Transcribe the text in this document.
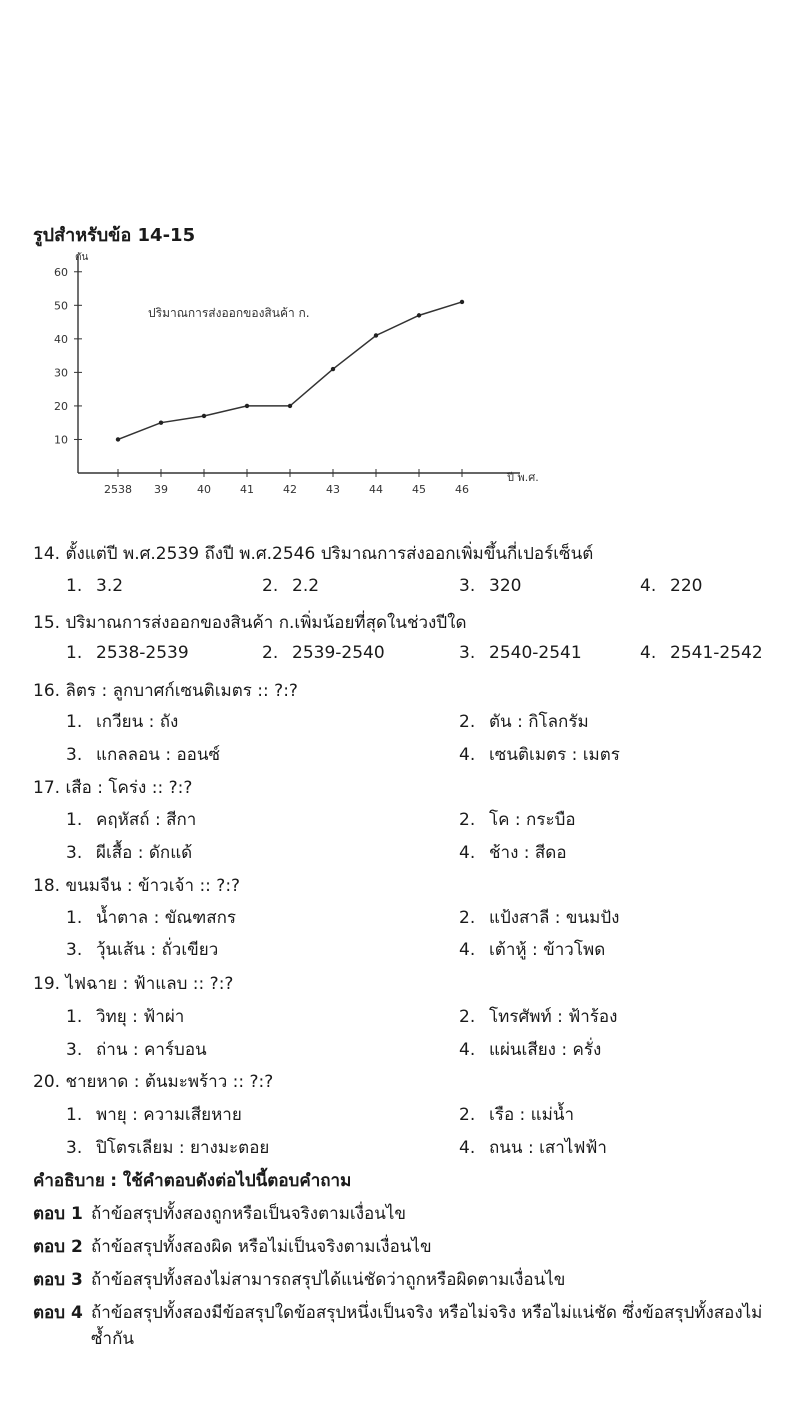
รูปสำหรับข้อ 14-15
10
20
30
40
50
60
ตัน
2538 39	40	41	42	43	44	45	46
ปี พ.ศ.
ปริมาณการส่งออกของสินค้า ก.
14. ตั้งแต่ปี พ.ศ.2539 ถึงปี พ.ศ.2546 ปริมาณการส่งออกเพิ่มขึ้นกี่เปอร์เซ็นต์
1. 3.2	2. 2.2	3. 320	4. 220
15. ปริมาณการส่งออกของสินค้า ก.เพิ่มน้อยที่สุดในช่วงปีใด
1. 2538-2539	2. 2539-2540	3. 2540-2541	4. 2541-2542
16. ลิตร : ลูกบาศก์เซนติเมตร :: ?:?
1. เกวียน : ถัง	2. ตัน : กิโลกรัม
3. แกลลอน : ออนซ์	4. เซนติเมตร : เมตร
17. เสือ : โคร่ง :: ?:?
1. คฤหัสถ์ : สีกา	2. โค : กระบือ
3. ผีเสื้อ : ดักแด้	4. ช้าง : สีดอ
18. ขนมจีน : ข้าวเจ้า :: ?:?
1. น้ำตาล : ขัณฑสกร	2. แป้งสาลี : ขนมปัง
3. วุ้นเส้น : ถั่วเขียว	4. เต้าหู้ : ข้าวโพด
19. ไฟฉาย : ฟ้าแลบ :: ?:?
1. วิทยุ : ฟ้าผ่า	2. โทรศัพท์ : ฟ้าร้อง
3. ถ่าน : คาร์บอน	4. แผ่นเสียง : ครั่ง
20. ชายหาด : ต้นมะพร้าว :: ?:?
1. พายุ : ความเสียหาย	2. เรือ : แม่น้ำ
3. ปิโตรเลียม : ยางมะตอย	4. ถนน : เสาไฟฟ้า
คำอธิบาย : ใช้คำตอบดังต่อไปนี้ตอบคำถาม
ตอบ 1 ถ้าข้อสรุปทั้งสองถูกหรือเป็นจริงตามเงื่อนไข
ตอบ 2 ถ้าข้อสรุปทั้งสองผิด หรือไม่เป็นจริงตามเงื่อนไข
ตอบ 3 ถ้าข้อสรุปทั้งสองไม่สามารถสรุปได้แน่ชัดว่าถูกหรือผิดตามเงื่อนไข
ตอบ 4 ถ้าข้อสรุปทั้งสองมีข้อสรุปใดข้อสรุปหนึ่งเป็นจริง หรือไม่จริง หรือไม่แน่ชัด ซึ่งข้อสรุปทั้งสองไม่
ซ้ำกัน
